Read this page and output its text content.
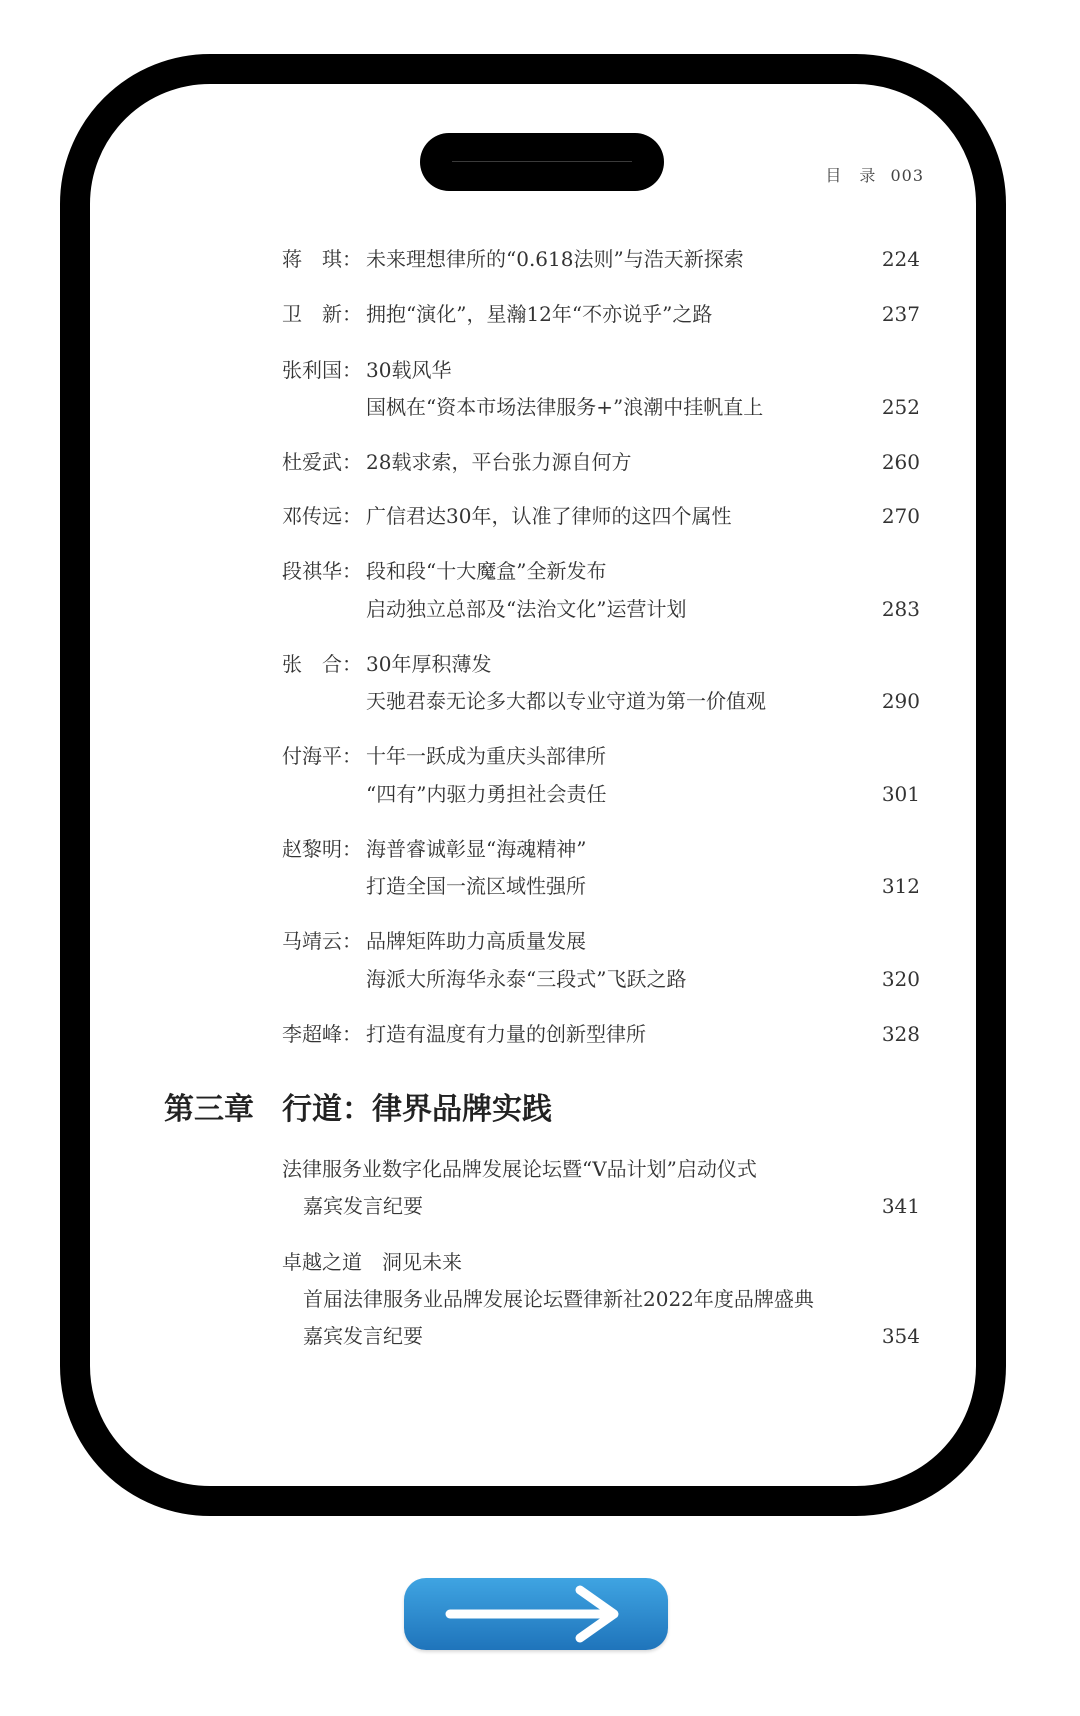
目　录 003
蒋　琪： 未来理想律所的“0.618法则”与浩天新探索	224
卫　新： 拥抱“演化”，星瀚12年“不亦说乎”之路	237
张利国： 30载风华
国枫在“资本市场法律服务+”浪潮中挂帆直上	252
杜爱武： 28载求索，平台张力源自何方	260
邓传远： 广信君达30年，认准了律师的这四个属性	270
段祺华： 段和段“十大魔盒”全新发布
启动独立总部及“法治文化”运营计划	283
张　合： 30年厚积薄发
天驰君泰无论多大都以专业守道为第一价值观	290
付海平： 十年一跃成为重庆头部律所
“四有”内驱力勇担社会责任	301
赵黎明： 海普睿诚彰显“海魂精神”
打造全国一流区域性强所	312
马靖云： 品牌矩阵助力高质量发展
海派大所海华永泰“三段式”飞跃之路	320
李超峰： 打造有温度有力量的创新型律所	328
第三章 行道：律界品牌实践
法律服务业数字化品牌发展论坛暨“V品计划”启动仪式
嘉宾发言纪要	341
卓越之道　洞见未来
首届法律服务业品牌发展论坛暨律新社2022年度品牌盛典
嘉宾发言纪要	354
